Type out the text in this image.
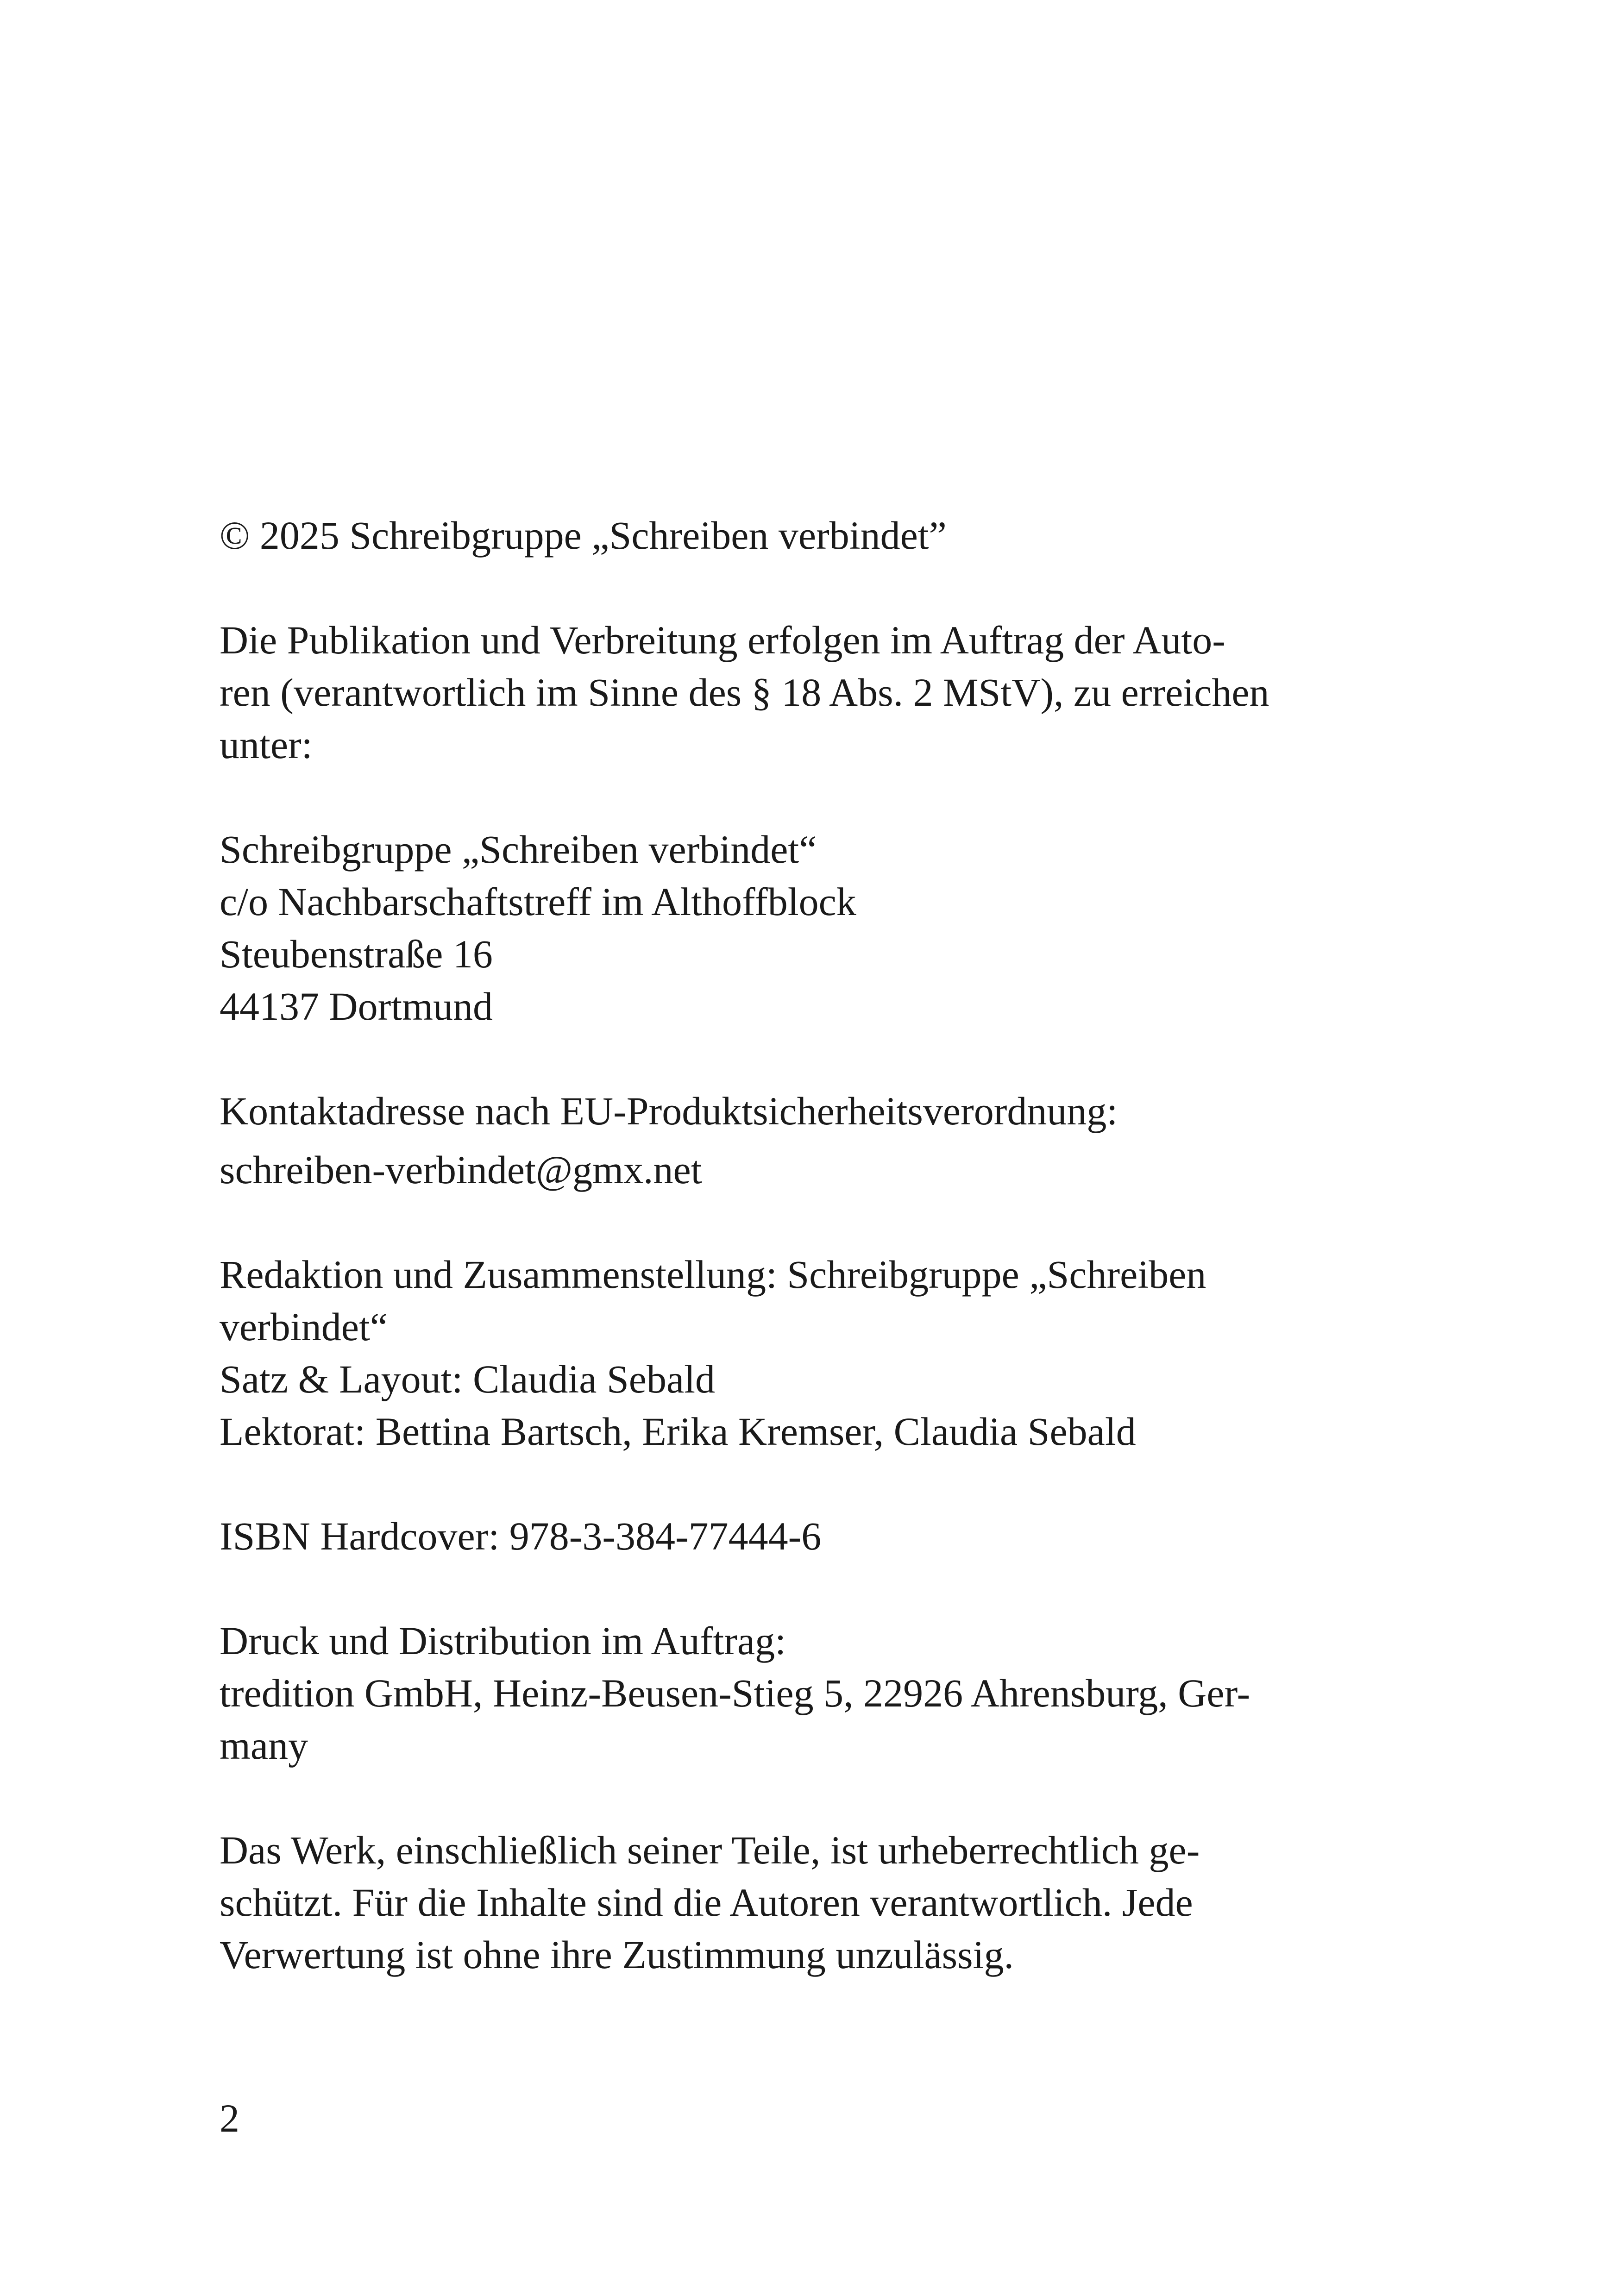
© 2025 Schreibgruppe „Schreiben verbindet”
Die Publikation und Verbreitung erfolgen im Auftrag der Auto-
ren (verantwortlich im Sinne des § 18 Abs. 2 MStV), zu erreichen
unter:
Schreibgruppe „Schreiben verbindet“
c/o Nachbarschaftstreff im Althoffblock
Steubenstraße 16
44137 Dortmund
Kontaktadresse nach EU-Produktsicherheitsverordnung:
schreiben-verbindet@gmx.net
Redaktion und Zusammenstellung: Schreibgruppe „Schreiben
verbindet“
Satz & Layout: Claudia Sebald
Lektorat: Bettina Bartsch, Erika Kremser, Claudia Sebald
ISBN Hardcover: 978-3-384-77444-6
Druck und Distribution im Auftrag:
tredition GmbH, Heinz-Beusen-Stieg 5, 22926 Ahrensburg, Ger-
many
Das Werk, einschließlich seiner Teile, ist urheberrechtlich ge-
schützt. Für die Inhalte sind die Autoren verantwortlich. Jede
Verwertung ist ohne ihre Zustimmung unzulässig.
2
